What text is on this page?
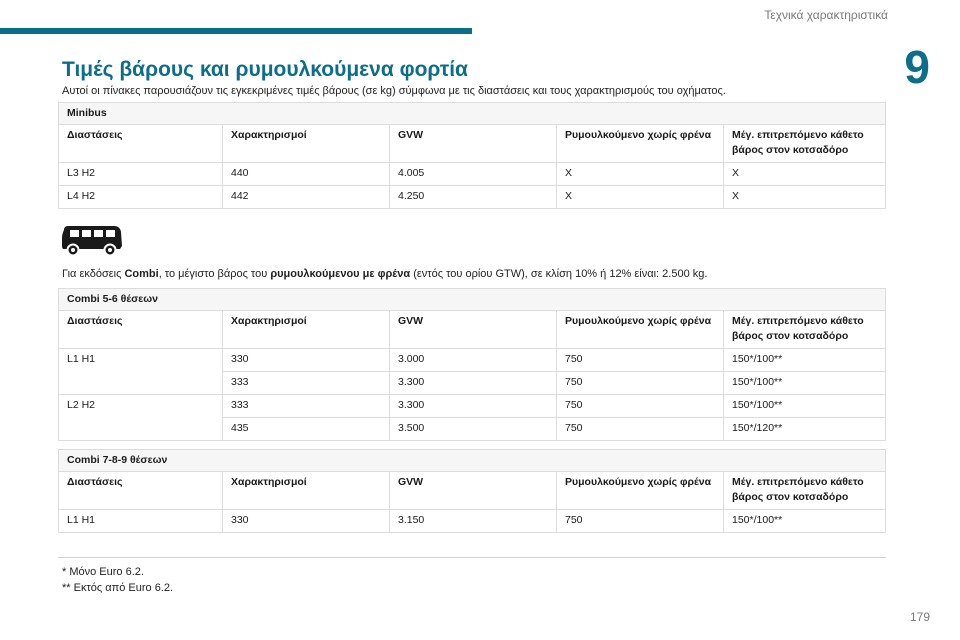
Τεχνικά χαρακτηριστικά
9
Τιμές βάρους και ρυμουλκούμενα φορτία
Αυτοί οι πίνακες παρουσιάζουν τις εγκεκριμένες τιμές βάρους (σε kg) σύμφωνα με τις διαστάσεις και τους χαρακτηρισμούς του οχήματος.
Minibus				
Διαστάσεις	Χαρακτηρισμοί	GVW	Ρυμουλκούμενο χωρίς φρένα	Μέγ. επιτρεπόμενο κάθετο βάρος στον κοτσαδόρο
L3 H2	440	4.005	X	X
L4 H2	442	4.250	X	X
Για εκδόσεις Combi, το μέγιστο βάρος του ρυμουλκούμενου με φρένα (εντός του ορίου GTW), σε κλίση 10% ή 12% είναι: 2.500 kg.
Combi 5-6 θέσεων				
Διαστάσεις	Χαρακτηρισμοί	GVW	Ρυμουλκούμενο χωρίς φρένα	Μέγ. επιτρεπόμενο κάθετο βάρος στον κοτσαδόρο
L1 H1	330	3.000	750	150*/100**
	333	3.300	750	150*/100**
L2 H2	333	3.300	750	150*/100**
	435	3.500	750	150*/120**
Combi 7-8-9 θέσεων				
Διαστάσεις	Χαρακτηρισμοί	GVW	Ρυμουλκούμενο χωρίς φρένα	Μέγ. επιτρεπόμενο κάθετο βάρος στον κοτσαδόρο
L1 H1	330	3.150	750	150*/100**
* Μόνο Euro 6.2.
** Εκτός από Euro 6.2.
179
